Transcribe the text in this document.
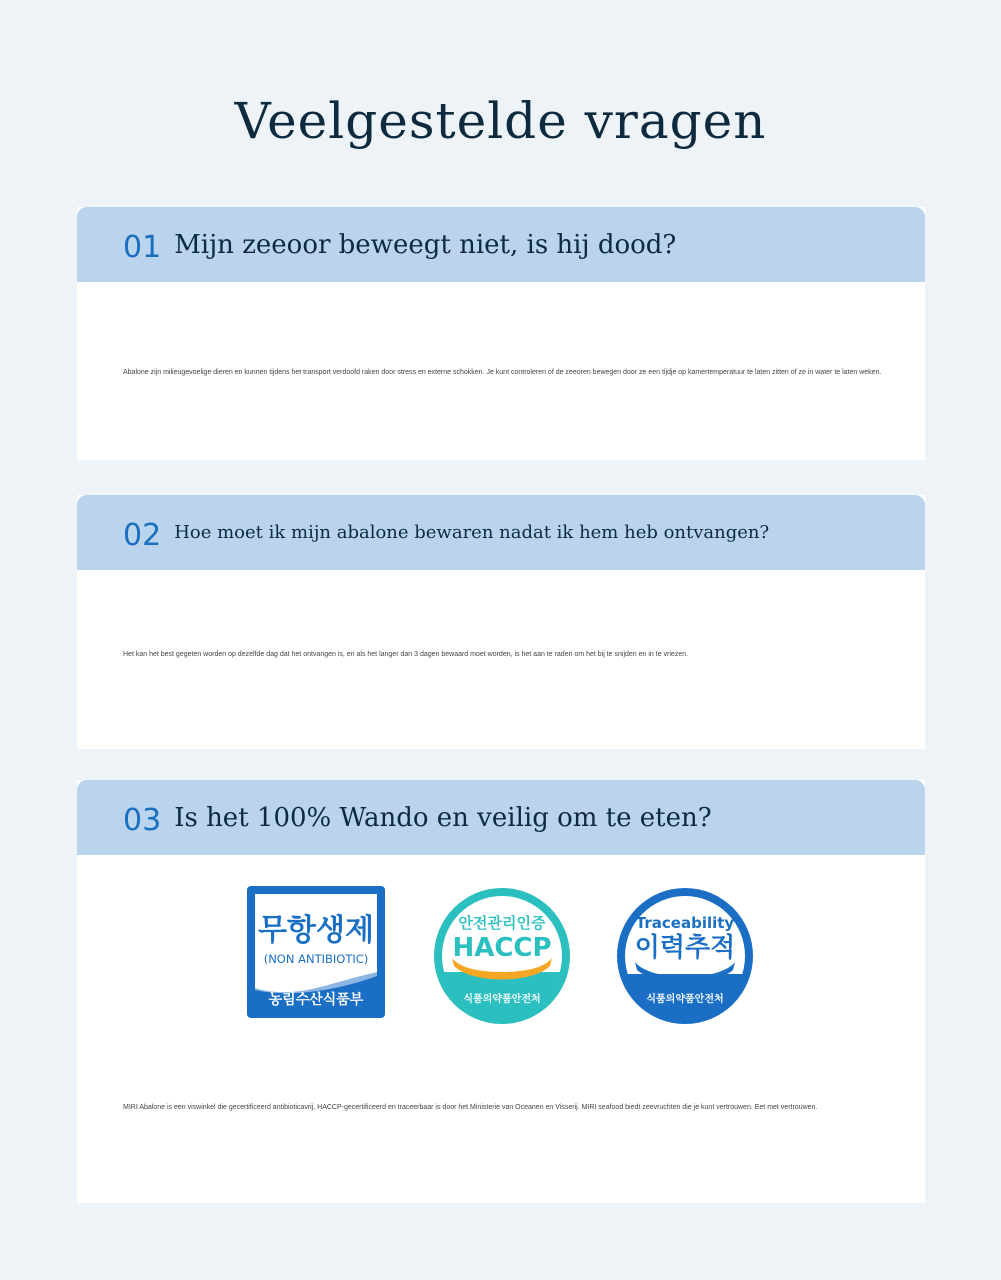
Veelgestelde vragen
01 Mijn zeeoor beweegt niet, is hij dood?

Abalone zijn milieugevoelige dieren en kunnen tijdens het transport verdoofd raken door stress en externe schokken. Je kunt controleren of de zeeoren bewegen door ze een tijdje op kamertemperatuur te laten zitten of ze in water te laten weken.

02 Hoe moet ik mijn abalone bewaren nadat ik hem heb ontvangen?

Het kan het best gegeten worden op dezelfde dag dat het ontvangen is, en als het langer dan 3 dagen bewaard moet worden, is het aan te raden om het bij te snijden en in te vriezen.

03 Is het 100% Wando en veilig om te eten?
무항생제
(NON ANTIBIOTIC)
농림수산식품부
안전관리인증
HACCP
식품의약품안전처
Traceability
이력추적
식품의약품안전처

MIRI Abalone is een viswinkel die gecertificeerd antibioticavrij, HACCP-gecertificeerd en traceerbaar is door het Ministerie van Oceanen en Visserij. MIRI seafood biedt zeevruchten die je kunt vertrouwen. Eet met vertrouwen.
